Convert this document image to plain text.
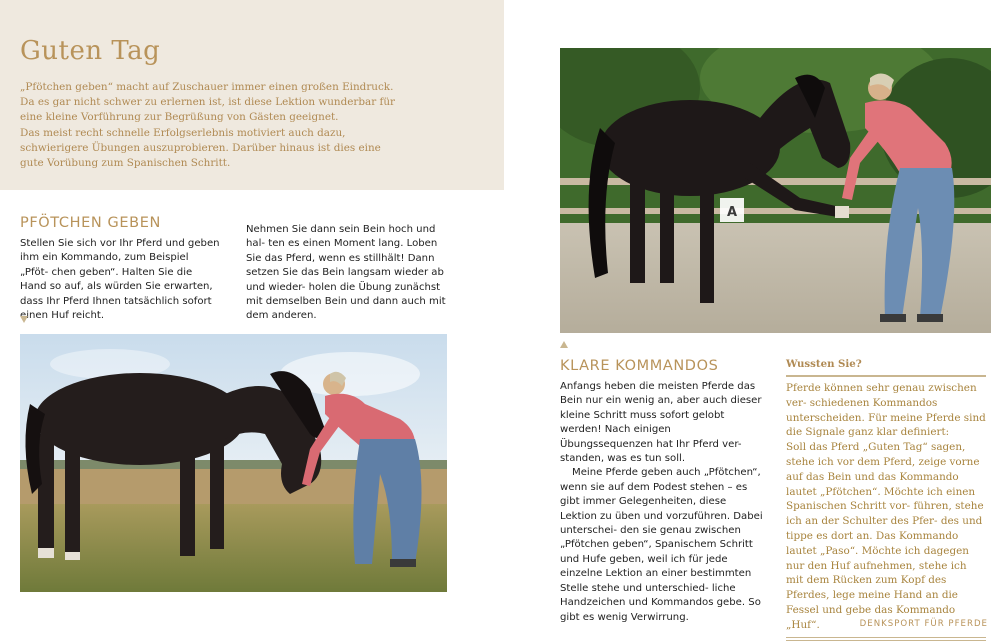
Guten Tag

„Pfötchen geben“ macht auf Zuschauer immer einen großen Eindruck. Da es gar nicht schwer zu erlernen ist, ist diese Lektion wunderbar für eine kleine Vorführung zur Begrüßung von Gästen geeignet.

Das meist recht schnelle Erfolgserlebnis motiviert auch dazu, schwierigere Übungen auszuprobieren. Darüber hinaus ist dies eine gute Vorübung zum Spanischen Schritt.

PFÖTCHEN GEBEN

Stellen Sie sich vor Ihr Pferd und geben ihm ein Kommando, zum Beispiel „Pföt- chen geben“. Halten Sie die Hand so auf, als würden Sie erwarten, dass Ihr Pferd Ihnen tatsächlich sofort einen Huf reicht.

Nehmen Sie dann sein Bein hoch und hal- ten es einen Moment lang. Loben Sie das Pferd, wenn es stillhält! Dann setzen Sie das Bein langsam wieder ab und wieder- holen die Übung zunächst mit demselben Bein und dann auch mit dem anderen.

A
KLARE KOMMANDOS

Anfangs heben die meisten Pferde das Bein nur ein wenig an, aber auch dieser kleine Schritt muss sofort gelobt werden! Nach einigen Übungssequenzen hat Ihr Pferd ver- standen, was es tun soll.

Meine Pferde geben auch „Pfötchen“, wenn sie auf dem Podest stehen – es gibt immer Gelegenheiten, diese Lektion zu üben und vorzuführen. Dabei unterschei- den sie genau zwischen „Pfötchen geben“, Spanischem Schritt und Hufe geben, weil ich für jede einzelne Lektion an einer bestimmten Stelle stehe und unterschied- liche Handzeichen und Kommandos gebe. So gibt es wenig Verwirrung.

Wussten Sie?

Pferde können sehr genau zwischen ver- schiedenen Kommandos unterscheiden. Für meine Pferde sind die Signale ganz klar definiert:

Soll das Pferd „Guten Tag“ sagen, stehe ich vor dem Pferd, zeige vorne auf das Bein und das Kommando lautet „Pfötchen“. Möchte ich einen Spanischen Schritt vor- führen, stehe ich an der Schulter des Pfer- des und tippe es dort an. Das Kommando lautet „Paso“. Möchte ich dagegen nur den Huf aufnehmen, stehe ich mit dem Rücken zum Kopf des Pferdes, lege meine Hand an die Fessel und gebe das Kommando „Huf“.	DENKSPORT FÜR PFERDE
